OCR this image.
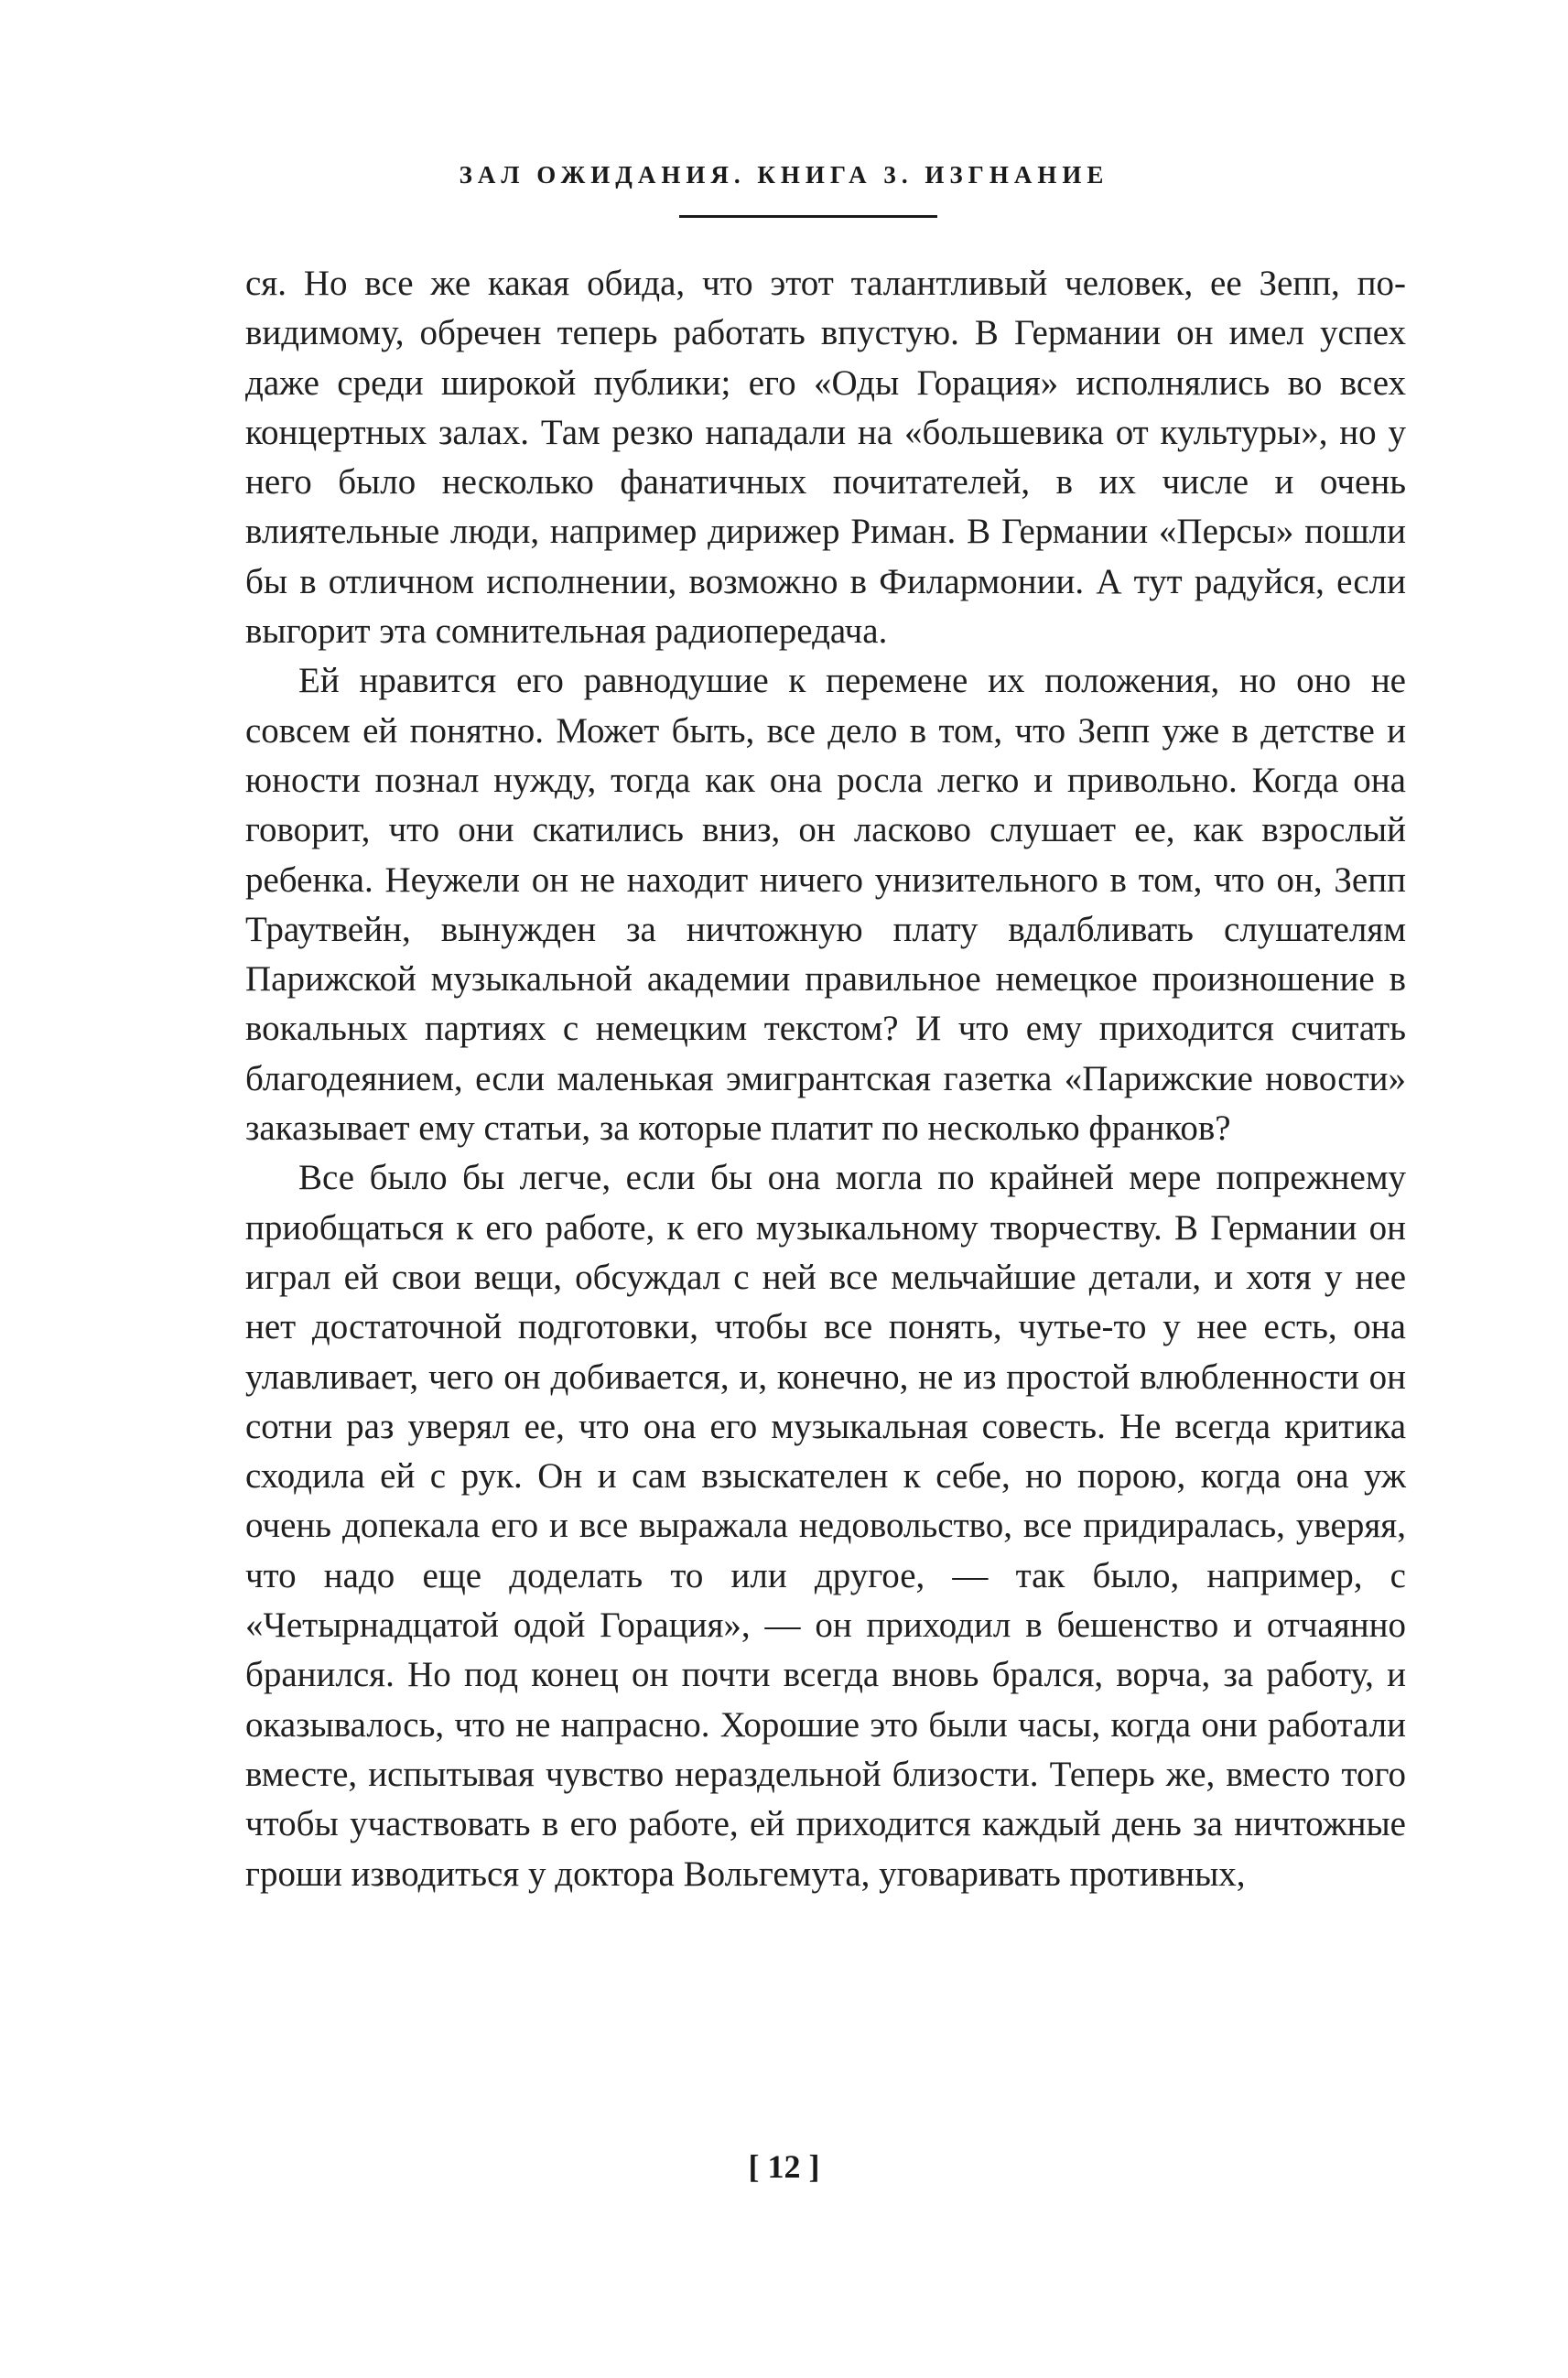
ЗАЛ ОЖИДАНИЯ. КНИГА 3. ИЗГНАНИЕ

ся. Но все же какая обида, что этот талантливый человек, ее Зепп, по-видимому, обречен теперь работать впустую. В Германии он имел успех даже среди широкой публики; его «Оды Горация» исполнялись во всех концертных залах. Там резко нападали на «большевика от культуры», но у него было несколько фанатичных почитателей, в их числе и очень влиятельные люди, например дирижер Риман. В Германии «Персы» пошли бы в отличном исполнении, возможно в Филармонии. А тут радуйся, если выгорит эта сомнительная радиопередача.

Ей нравится его равнодушие к перемене их положения, но оно не совсем ей понятно. Может быть, все дело в том, что Зепп уже в детстве и юности познал нужду, тогда как она росла легко и привольно. Когда она говорит, что они скатились вниз, он ласково слушает ее, как взрослый ребенка. Неужели он не находит ничего унизительного в том, что он, Зепп Траутвейн, вынужден за ничтожную плату вдалбливать слушателям Парижской музыкальной академии правильное немецкое произношение в вокальных партиях с немецким текстом? И что ему приходится считать благодеянием, если маленькая эмигрантская газетка «Парижские новости» заказывает ему статьи, за которые платит по несколько франков?

Все было бы легче, если бы она могла по крайней мере попрежнему приобщаться к его работе, к его музыкальному творчеству. В Германии он играл ей свои вещи, обсуждал с ней все мельчайшие детали, и хотя у нее нет достаточной подготовки, чтобы все понять, чутье-то у нее есть, она улавливает, чего он добивается, и, конечно, не из простой влюбленности он сотни раз уверял ее, что она его музыкальная совесть. Не всегда критика сходила ей с рук. Он и сам взыскателен к себе, но порою, когда она уж очень допекала его и все выражала недовольство, все придиралась, уверяя, что надо еще доделать то или другое, — так было, например, с «Четырнадцатой одой Горация», — он приходил в бешенство и отчаянно бранился. Но под конец он почти всегда вновь брался, ворча, за работу, и оказывалось, что не напрасно. Хорошие это были часы, когда они работали вместе, испытывая чувство нераздельной близости. Теперь же, вместо того чтобы участвовать в его работе, ей приходится каждый день за ничтожные гроши изводиться у доктора Вольгемута, уговаривать противных,

[ 12 ]
